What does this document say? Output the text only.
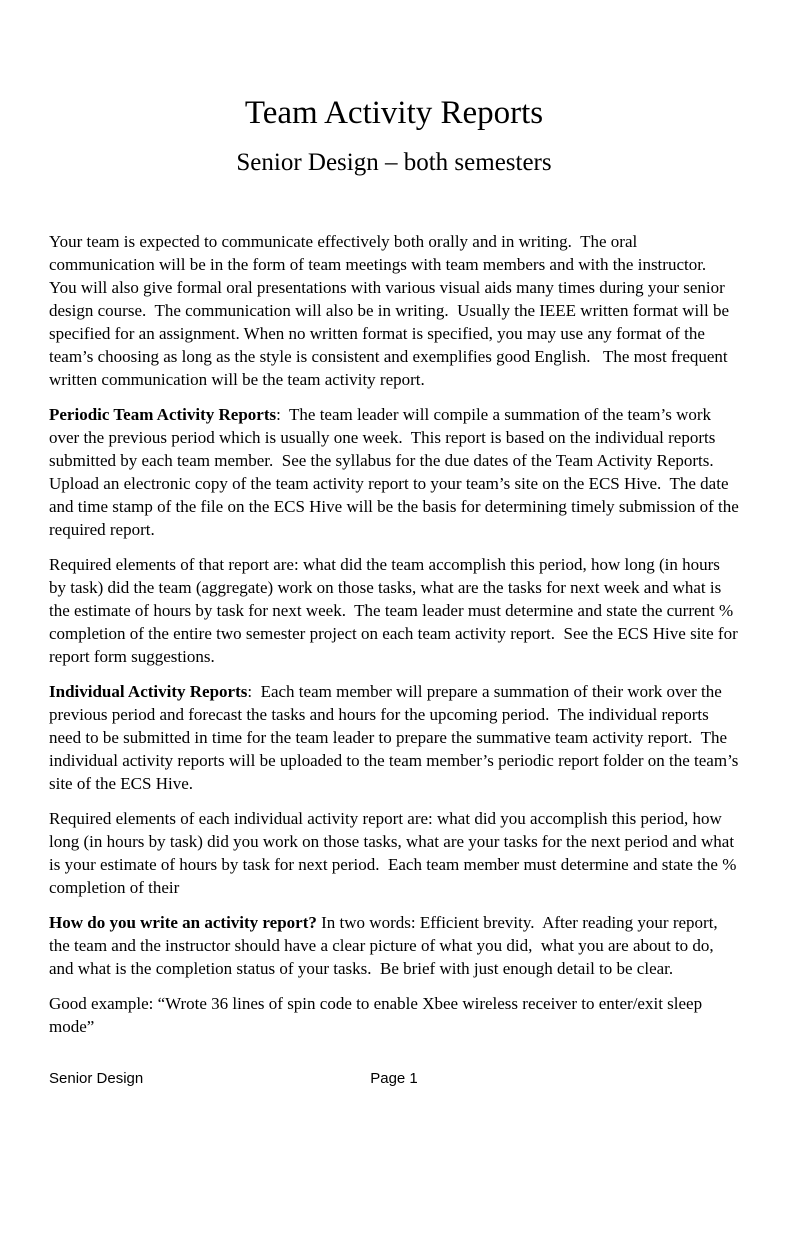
Team Activity Reports
Senior Design – both semesters

Your team is expected to communicate effectively both orally and in writing.  The oral communication will be in the form of team meetings with team members and with the instructor.  You will also give formal oral presentations with various visual aids many times during your senior design course.  The communication will also be in writing.  Usually the IEEE written format will be specified for an assignment. When no written format is specified, you may use any format of the team’s choosing as long as the style is consistent and exemplifies good English.   The most frequent written communication will be the team activity report.

Periodic Team Activity Reports:  The team leader will compile a summation of the team’s work over the previous period which is usually one week.  This report is based on the individual reports submitted by each team member.  See the syllabus for the due dates of the Team Activity Reports.  Upload an electronic copy of the team activity report to your team’s site on the ECS Hive.  The date and time stamp of the file on the ECS Hive will be the basis for determining timely submission of the required report.

Required elements of that report are: what did the team accomplish this period, how long (in hours by task) did the team (aggregate) work on those tasks, what are the tasks for next week and what is the estimate of hours by task for next week.  The team leader must determine and state the current % completion of the entire two semester project on each team activity report.  See the ECS Hive site for report form suggestions.

Individual Activity Reports:  Each team member will prepare a summation of their work over the previous period and forecast the tasks and hours for the upcoming period.  The individual reports need to be submitted in time for the team leader to prepare the summative team activity report.  The individual activity reports will be uploaded to the team member’s periodic report folder on the team’s site of the ECS Hive.

Required elements of each individual activity report are: what did you accomplish this period, how long (in hours by task) did you work on those tasks, what are your tasks for the next period and what is your estimate of hours by task for next period.  Each team member must determine and state the % completion of their

How do you write an activity report? In two words: Efficient brevity.  After reading your report, the team and the instructor should have a clear picture of what you did,  what you are about to do, and what is the completion status of your tasks.  Be brief with just enough detail to be clear.

Good example: “Wrote 36 lines of spin code to enable Xbee wireless receiver to enter/exit sleep mode”

Senior Design	Page 1
